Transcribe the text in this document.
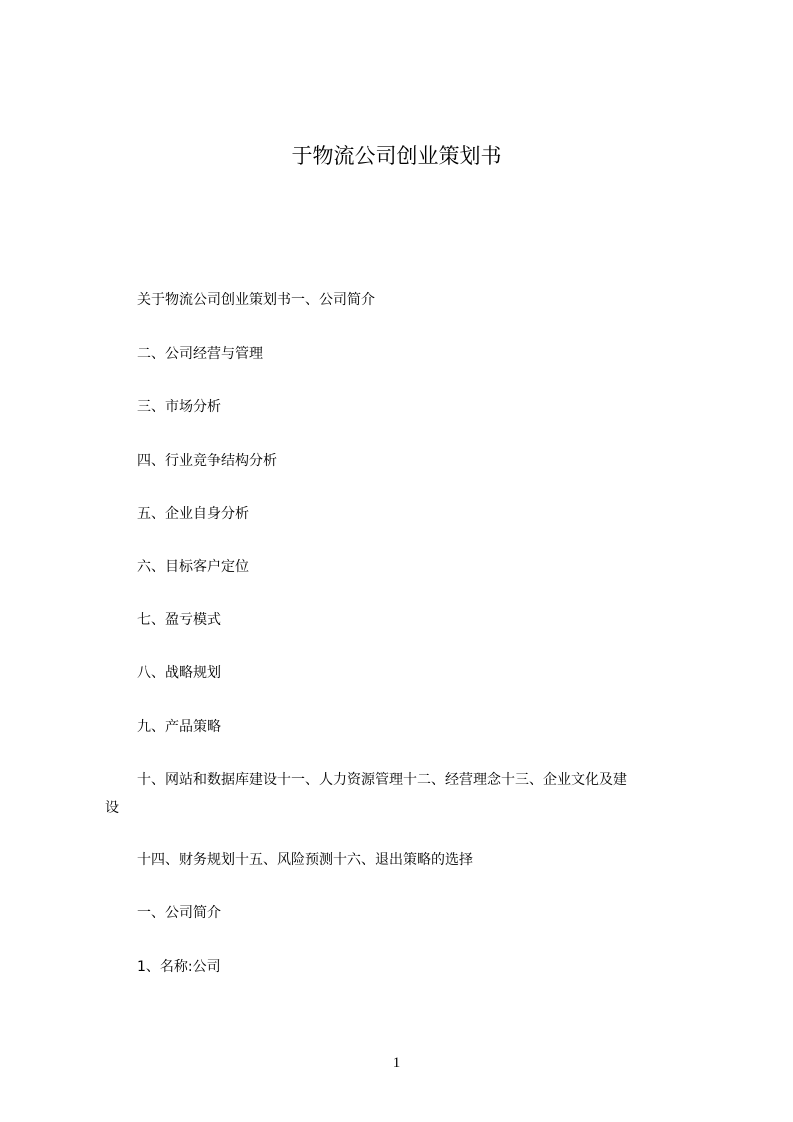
于物流公司创业策划书
关于物流公司创业策划书一、公司简介
二、公司经营与管理
三、市场分析
四、行业竞争结构分析
五、企业自身分析
六、目标客户定位
七、盈亏模式
八、战略规划
九、产品策略
十、网站和数据库建设十一、人力资源管理十二、经营理念十三、企业文化及建
设
十四、财务规划十五、风险预测十六、退出策略的选择
一、公司简介
1、名称:公司
1
